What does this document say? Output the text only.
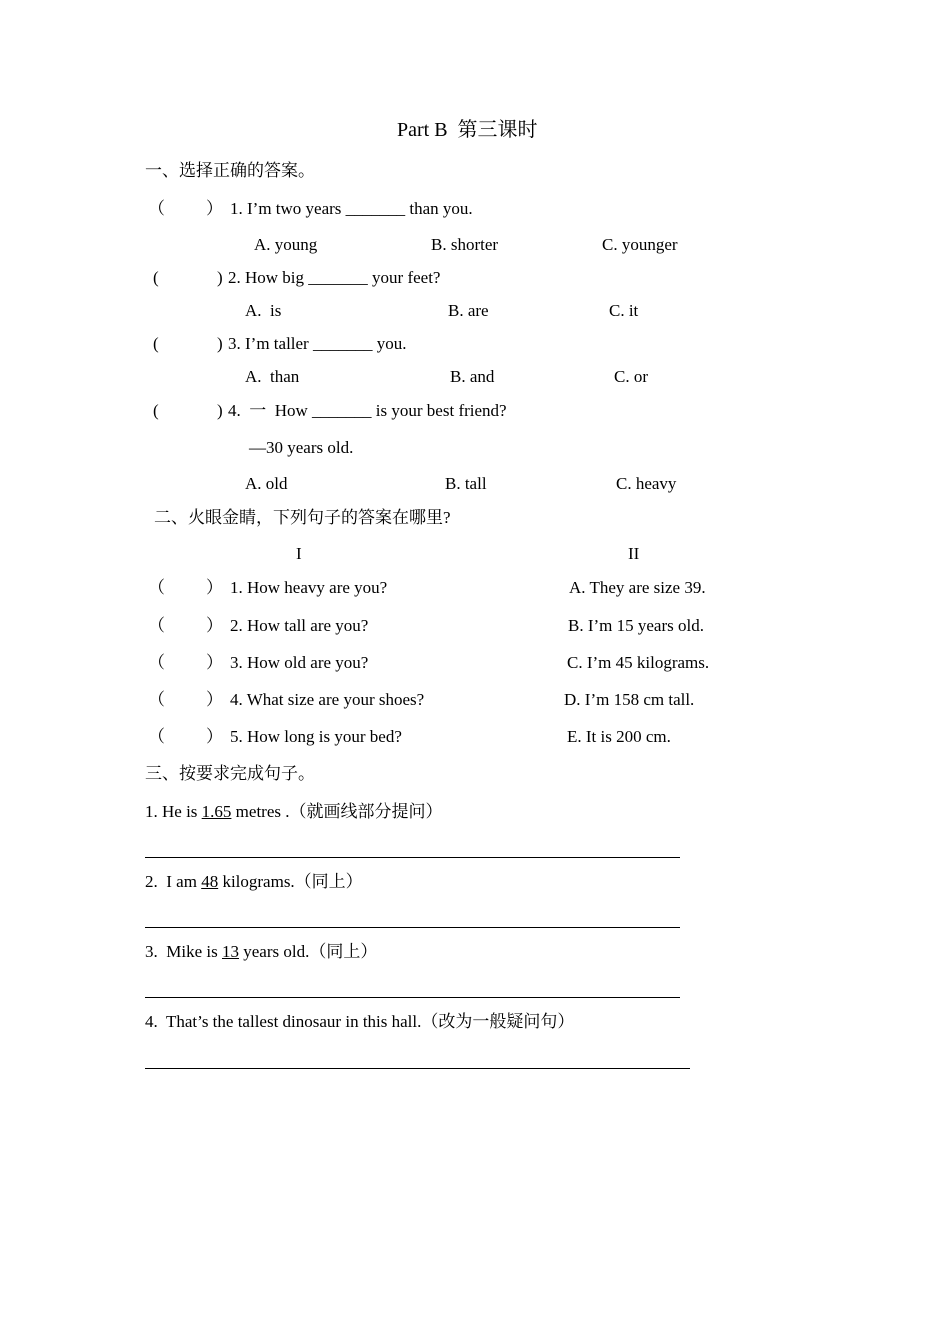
Part B  第三课时
一、选择正确的答案。
（ ） 1. I’m two years _______ than you.
A. young	B. shorter	C. younger
(	) 2. How big _______ your feet?
A.  is	B. are	C. it
(	) 3. I’m taller _______ you.
A.  than	B. and	C. or
(	) 4.  一  How _______ is your best friend?
—30 years old.
A. old	B. tall	C. heavy
二、火眼金睛，下列句子的答案在哪里?
I	II
（ ） 1. How heavy are you?	A. They are size 39.
（ ） 2. How tall are you?	B. I’m 15 years old.
（ ） 3. How old are you?	C. I’m 45 kilograms.
（ ） 4. What size are your shoes?	D. I’m 158 cm tall.
（ ） 5. How long is your bed?	E. It is 200 cm.
三、按要求完成句子。
1. He is 1.65 metres .（就画线部分提问）
2.  I am 48 kilograms.（同上）
3.  Mike is 13 years old.（同上）
4.  That’s the tallest dinosaur in this hall.（改为一般疑问句）
